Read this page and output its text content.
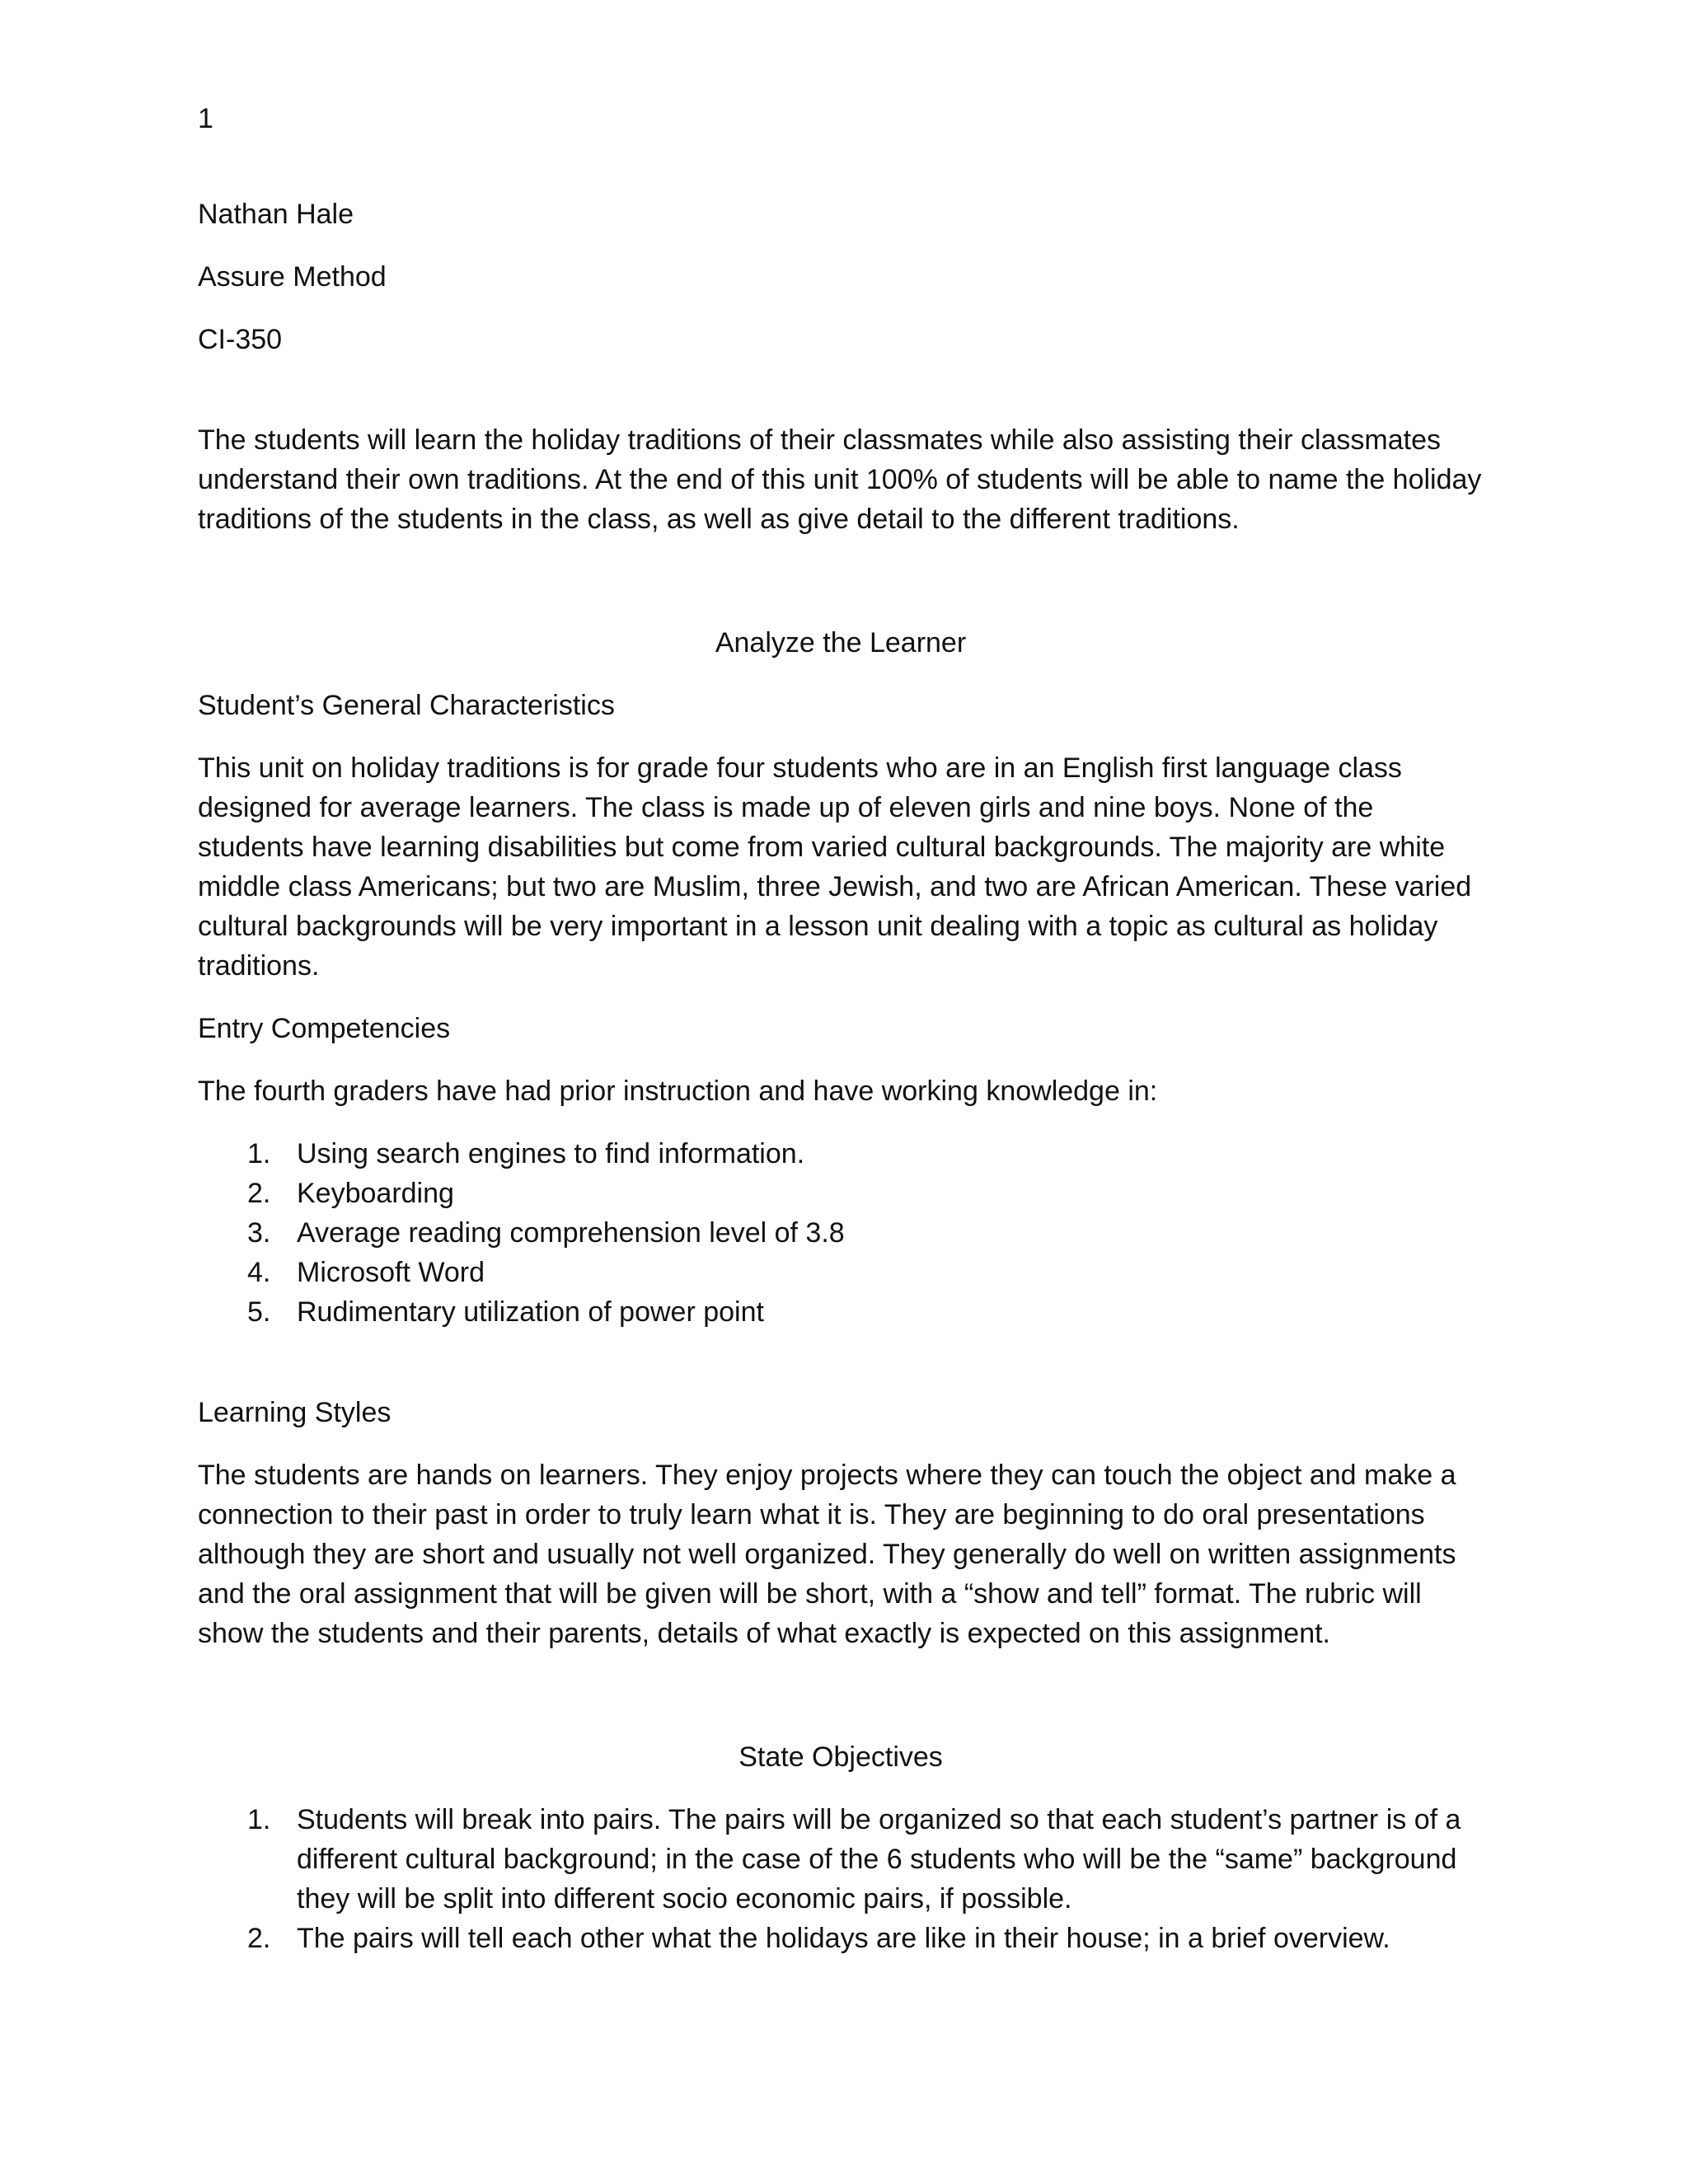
1

Nathan Hale

Assure Method

CI-350

The students will learn the holiday traditions of their classmates while also assisting their classmates understand their own traditions. At the end of this unit 100% of students will be able to name the holiday traditions of the students in the class, as well as give detail to the different traditions.

Analyze the Learner

Student’s General Characteristics

This unit on holiday traditions is for grade four students who are in an English first language class designed for average learners. The class is made up of eleven girls and nine boys. None of the students have learning disabilities but come from varied cultural backgrounds. The majority are white middle class Americans; but two are Muslim, three Jewish, and two are African American. These varied cultural backgrounds will be very important in a lesson unit dealing with a topic as cultural as holiday traditions.

Entry Competencies

The fourth graders have had prior instruction and have working knowledge in:

1. Using search engines to find information.
2. Keyboarding
3. Average reading comprehension level of 3.8
4. Microsoft Word
5. Rudimentary utilization of power point

Learning Styles

The students are hands on learners. They enjoy projects where they can touch the object and make a connection to their past in order to truly learn what it is. They are beginning to do oral presentations although they are short and usually not well organized. They generally do well on written assignments and the oral assignment that will be given will be short, with a “show and tell” format. The rubric will show the students and their parents, details of what exactly is expected on this assignment.

State Objectives

1. Students will break into pairs. The pairs will be organized so that each student’s partner is of a different cultural background; in the case of the 6 students who will be the “same” background they will be split into different socio economic pairs, if possible.
2. The pairs will tell each other what the holidays are like in their house; in a brief overview.
